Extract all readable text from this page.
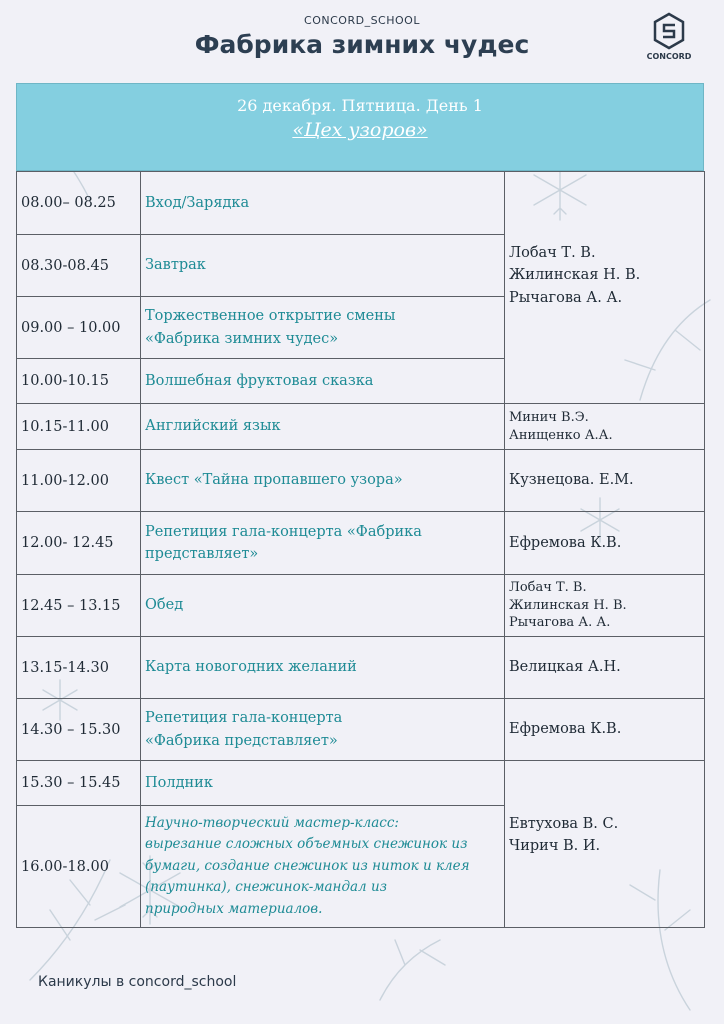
CONCORD_SCHOOL
Фабрика зимних чудес	CONCORD
26 декабря. Пятница. День 1
«Цех узоров»
08.00– 08.25	Вход/Зарядка	Лобач Т. В.
Жилинская Н. В.
Рычагова А. А.

08.30-08.45	Завтрак	

09.00 – 10.00	Торжественное открытие смены
«Фабрика зимних чудес»	

10.00-10.15	Волшебная фруктовая сказка	

10.15-11.00	Английский язык	Минич В.Э.
Анищенко А.А.

11.00-12.00	Квест «Тайна пропавшего узора»	Кузнецова. Е.М.

12.00- 12.45	Репетиция гала-концерта «Фабрика
представляет»	Ефремова К.В.

12.45 – 13.15	Обед	Лобач Т. В.
Жилинская Н. В.
Рычагова А. А.

13.15-14.30	Карта новогодних желаний	Велицкая А.Н.

14.30 – 15.30	Репетиция гала-концерта
«Фабрика представляет»	Ефремова К.В.

15.30 – 15.45	Полдник	Евтухова В. С.
Чирич В. И.

16.00-18.00	Научно-творческий мастер-класс:
вырезание сложных объемных снежинок из
бумаги, создание снежинок из ниток и клея
(паутинка), снежинок-мандал из
природных материалов.	
Каникулы в concord_school
